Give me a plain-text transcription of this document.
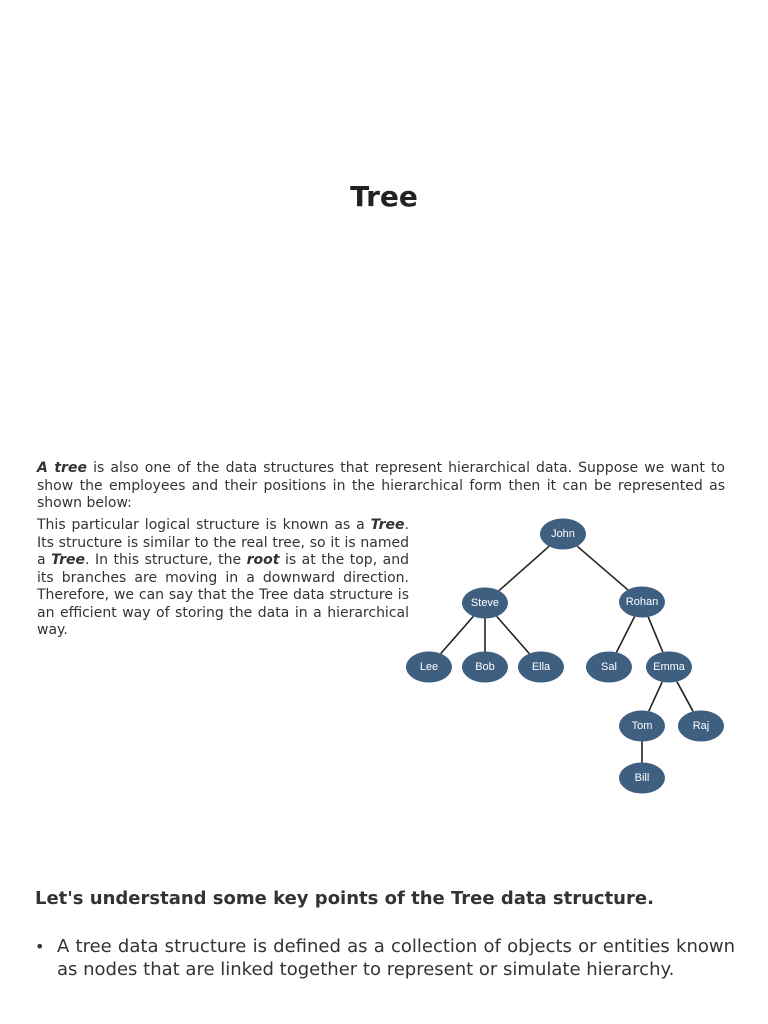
Tree

A tree is also one of the data structures that represent hierarchical data. Suppose we want to show the employees and their positions in the hierarchical form then it can be represented as shown below:

This particular logical structure is known as a Tree. Its structure is similar to the real tree, so it is named a Tree. In this structure, the root is at the top, and its branches are moving in a downward direction. Therefore, we can say that the Tree data structure is an efficient way of storing the data in a hierarchical way.

John
Steve	Rohan
Lee	Bob	Ella	Sal	Emma
Tom	Raj
Bill
Let's understand some key points of the Tree data structure.
• A tree data structure is defined as a collection of objects or entities known as nodes that are linked together to represent or simulate hierarchy.
